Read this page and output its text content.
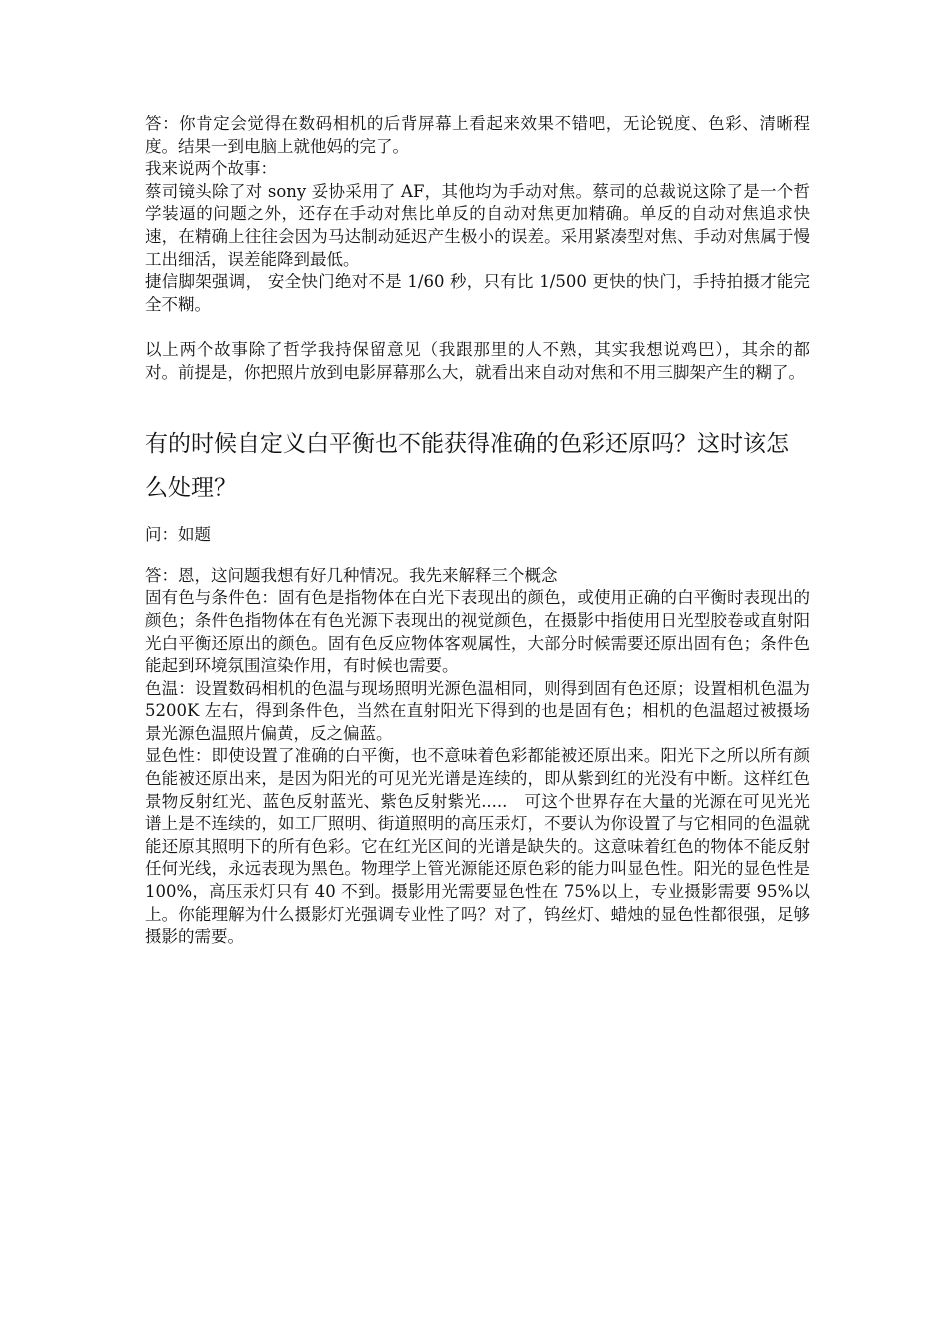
答：你肯定会觉得在数码相机的后背屏幕上看起来效果不错吧，无论锐度、色彩、清晰程度。结果一到电脑上就他妈的完了。

我来说两个故事：

蔡司镜头除了对 sony 妥协采用了 AF，其他均为手动对焦。蔡司的总裁说这除了是一个哲学装逼的问题之外，还存在手动对焦比单反的自动对焦更加精确。单反的自动对焦追求快速，在精确上往往会因为马达制动延迟产生极小的误差。采用紧凑型对焦、手动对焦属于慢工出细活，误差能降到最低。

捷信脚架强调， 安全快门绝对不是 1/60 秒，只有比 1/500 更快的快门，手持拍摄才能完全不糊。

以上两个故事除了哲学我持保留意见（我跟那里的人不熟，其实我想说鸡巴），其余的都对。前提是，你把照片放到电影屏幕那么大，就看出来自动对焦和不用三脚架产生的糊了。

有的时候自定义白平衡也不能获得准确的色彩还原吗？这时该怎么处理？

问：如题

答：恩，这问题我想有好几种情况。我先来解释三个概念

固有色与条件色：固有色是指物体在白光下表现出的颜色，或使用正确的白平衡时表现出的颜色；条件色指物体在有色光源下表现出的视觉颜色，在摄影中指使用日光型胶卷或直射阳光白平衡还原出的颜色。固有色反应物体客观属性，大部分时候需要还原出固有色；条件色能起到环境氛围渲染作用，有时候也需要。

色温：设置数码相机的色温与现场照明光源色温相同，则得到固有色还原；设置相机色温为 5200K 左右，得到条件色，当然在直射阳光下得到的也是固有色；相机的色温超过被摄场景光源色温照片偏黄，反之偏蓝。

显色性：即使设置了准确的白平衡，也不意味着色彩都能被还原出来。阳光下之所以所有颜色能被还原出来，是因为阳光的可见光光谱是连续的，即从紫到红的光没有中断。这样红色景物反射红光、蓝色反射蓝光、紫色反射紫光.....　可这个世界存在大量的光源在可见光光谱上是不连续的，如工厂照明、街道照明的高压汞灯，不要认为你设置了与它相同的色温就能还原其照明下的所有色彩。它在红光区间的光谱是缺失的。这意味着红色的物体不能反射任何光线，永远表现为黑色。物理学上管光源能还原色彩的能力叫显色性。阳光的显色性是 100%，高压汞灯只有 40 不到。摄影用光需要显色性在 75%以上，专业摄影需要 95%以上。你能理解为什么摄影灯光强调专业性了吗？对了，钨丝灯、蜡烛的显色性都很强，足够摄影的需要。
